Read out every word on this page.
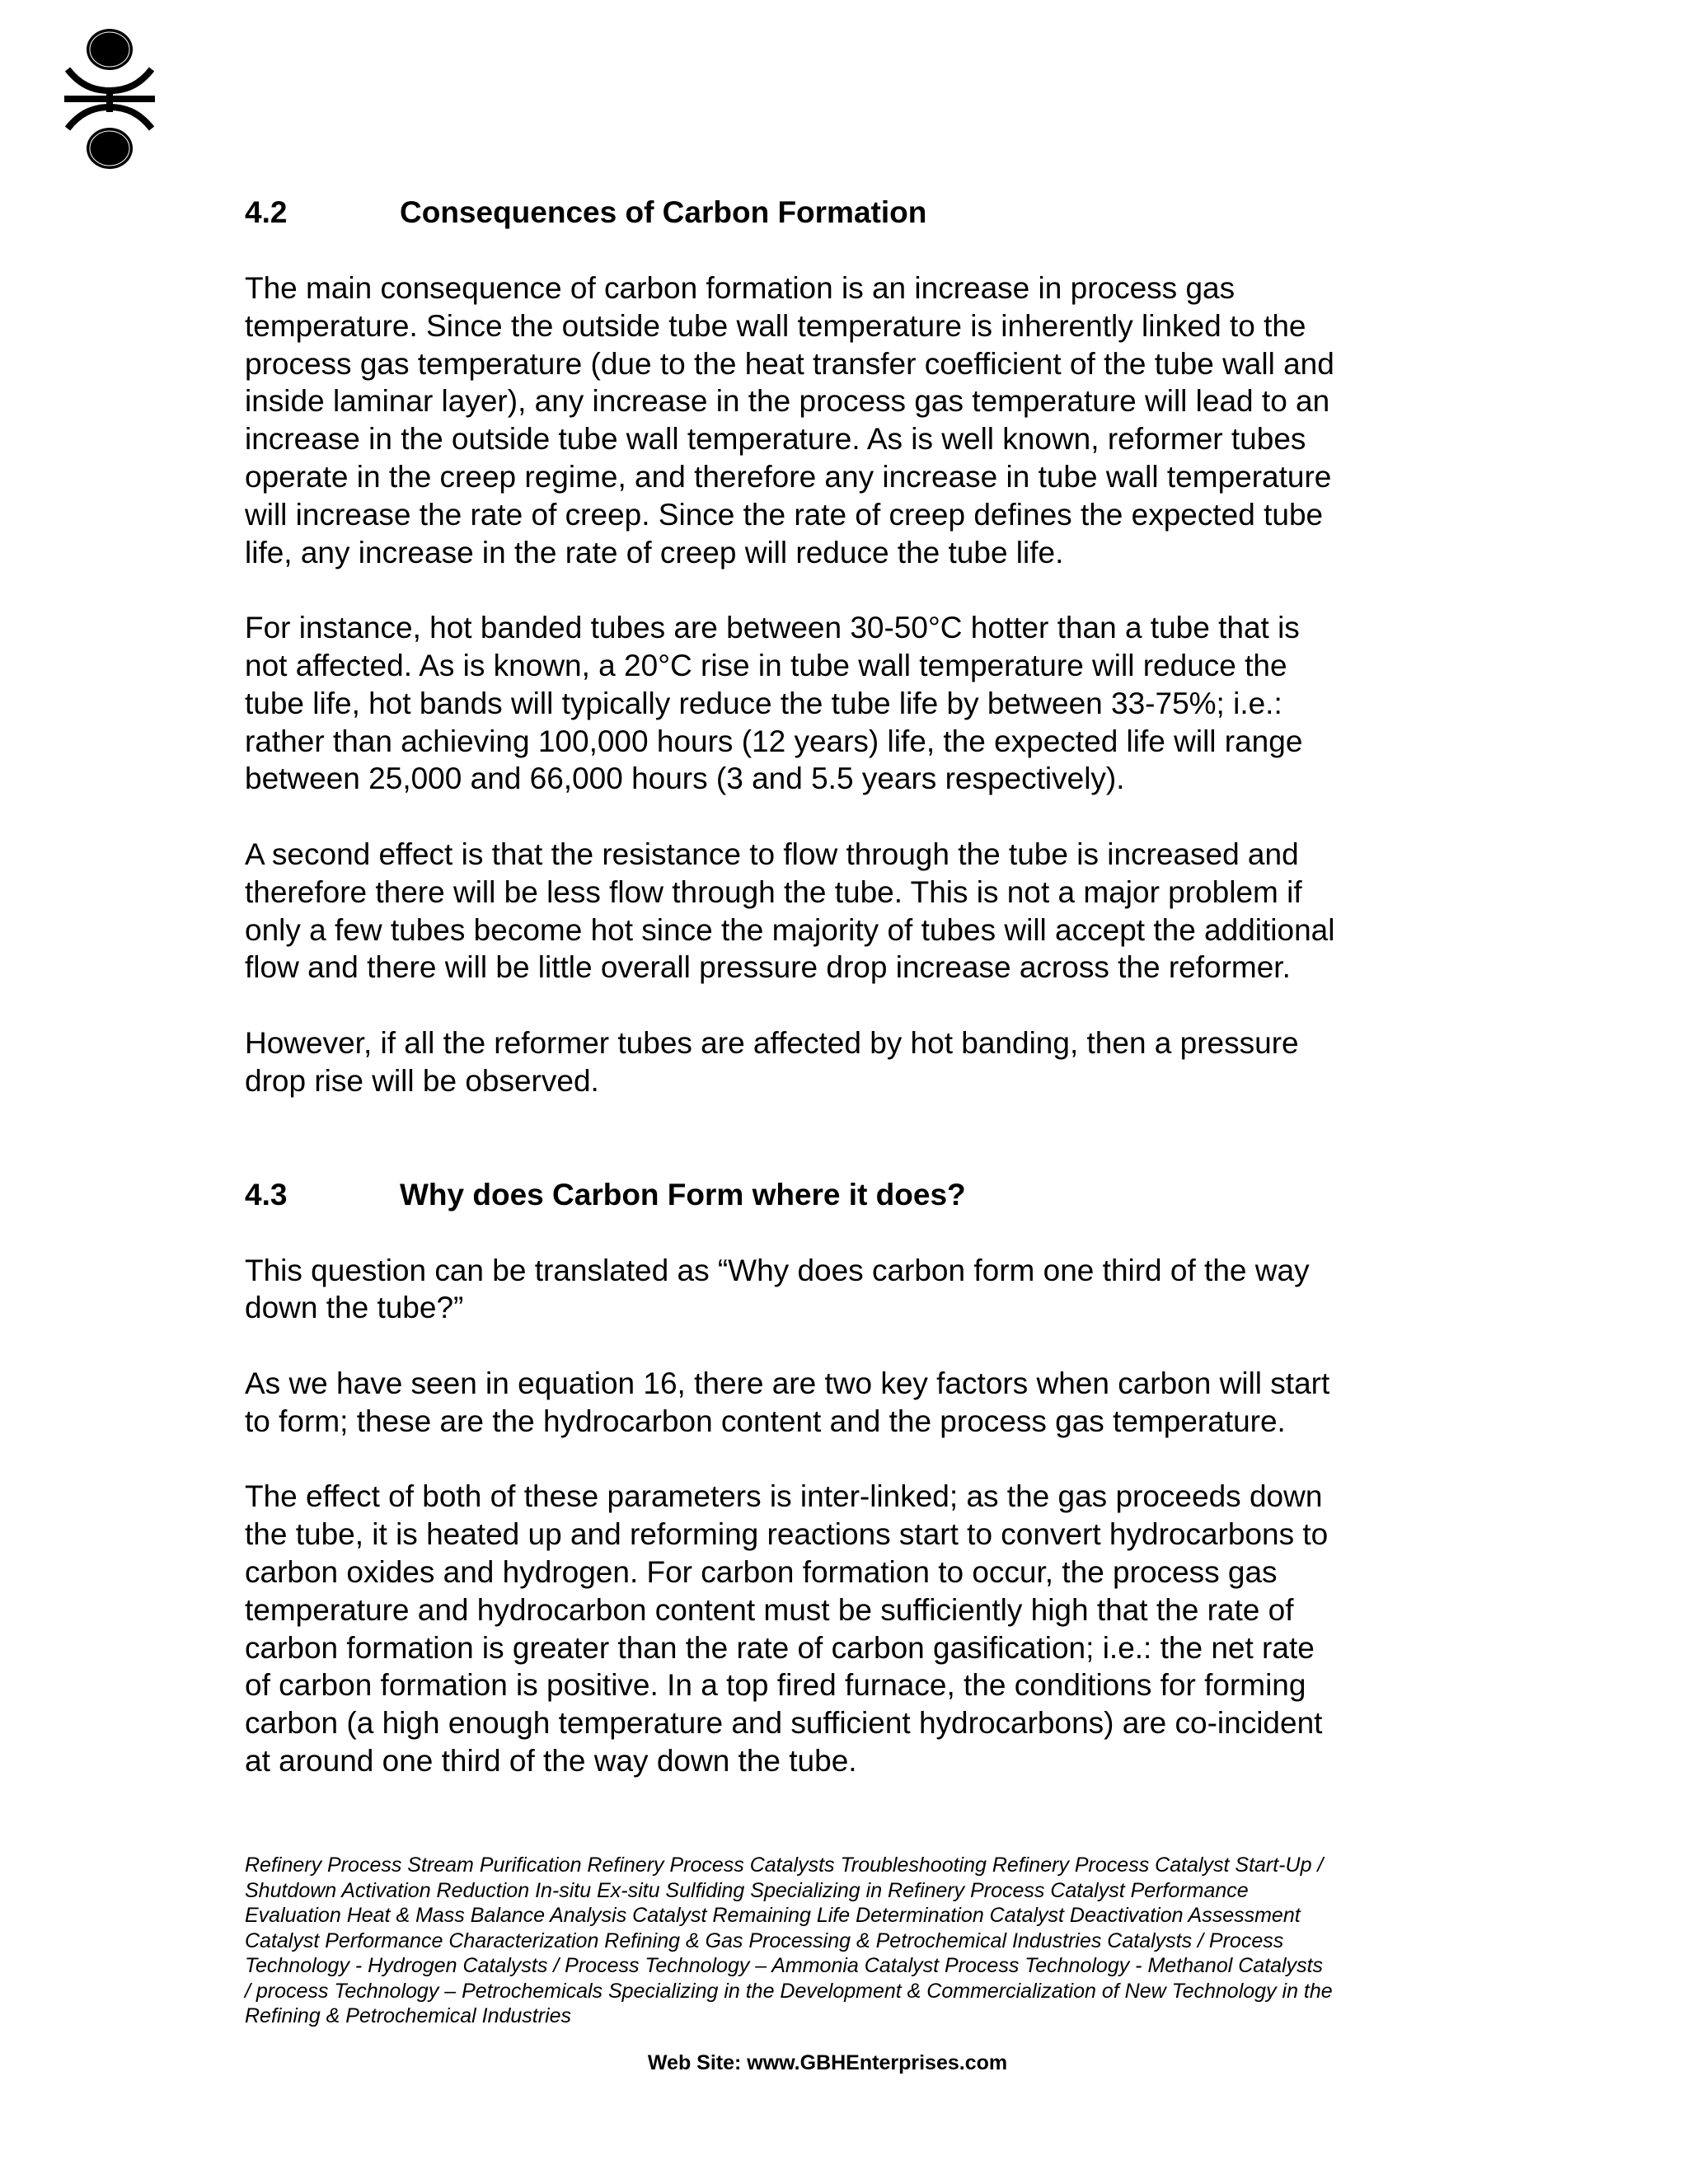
4.2	Consequences of Carbon Formation

The main consequence of carbon formation is an increase in process gas
temperature. Since the outside tube wall temperature is inherently linked to the
process gas temperature (due to the heat transfer coefficient of the tube wall and
inside laminar layer), any increase in the process gas temperature will lead to an
increase in the outside tube wall temperature. As is well known, reformer tubes
operate in the creep regime, and therefore any increase in tube wall temperature
will increase the rate of creep. Since the rate of creep defines the expected tube
life, any increase in the rate of creep will reduce the tube life.

For instance, hot banded tubes are between 30-50°C hotter than a tube that is
not affected. As is known, a 20°C rise in tube wall temperature will reduce the
tube life, hot bands will typically reduce the tube life by between 33-75%; i.e.:
rather than achieving 100,000 hours (12 years) life, the expected life will range
between 25,000 and 66,000 hours (3 and 5.5 years respectively).

A second effect is that the resistance to flow through the tube is increased and
therefore there will be less flow through the tube. This is not a major problem if
only a few tubes become hot since the majority of tubes will accept the additional
flow and there will be little overall pressure drop increase across the reformer.

However, if all the reformer tubes are affected by hot banding, then a pressure
drop rise will be observed.

4.3	Why does Carbon Form where it does?

This question can be translated as “Why does carbon form one third of the way
down the tube?”

As we have seen in equation 16, there are two key factors when carbon will start
to form; these are the hydrocarbon content and the process gas temperature.

The effect of both of these parameters is inter-linked; as the gas proceeds down
the tube, it is heated up and reforming reactions start to convert hydrocarbons to
carbon oxides and hydrogen. For carbon formation to occur, the process gas
temperature and hydrocarbon content must be sufficiently high that the rate of
carbon formation is greater than the rate of carbon gasification; i.e.: the net rate
of carbon formation is positive. In a top fired furnace, the conditions for forming
carbon (a high enough temperature and sufficient hydrocarbons) are co-incident
at around one third of the way down the tube.

Refinery Process Stream Purification Refinery Process Catalysts Troubleshooting Refinery Process Catalyst Start-Up /
Shutdown Activation Reduction In-situ Ex-situ Sulfiding Specializing in Refinery Process Catalyst Performance
Evaluation Heat & Mass Balance Analysis Catalyst Remaining Life Determination Catalyst Deactivation Assessment
Catalyst Performance Characterization Refining & Gas Processing & Petrochemical Industries Catalysts / Process
Technology - Hydrogen Catalysts / Process Technology – Ammonia Catalyst Process Technology - Methanol Catalysts
/ process Technology – Petrochemicals Specializing in the Development & Commercialization of New Technology in the
Refining & Petrochemical Industries
Web Site: www.GBHEnterprises.com
